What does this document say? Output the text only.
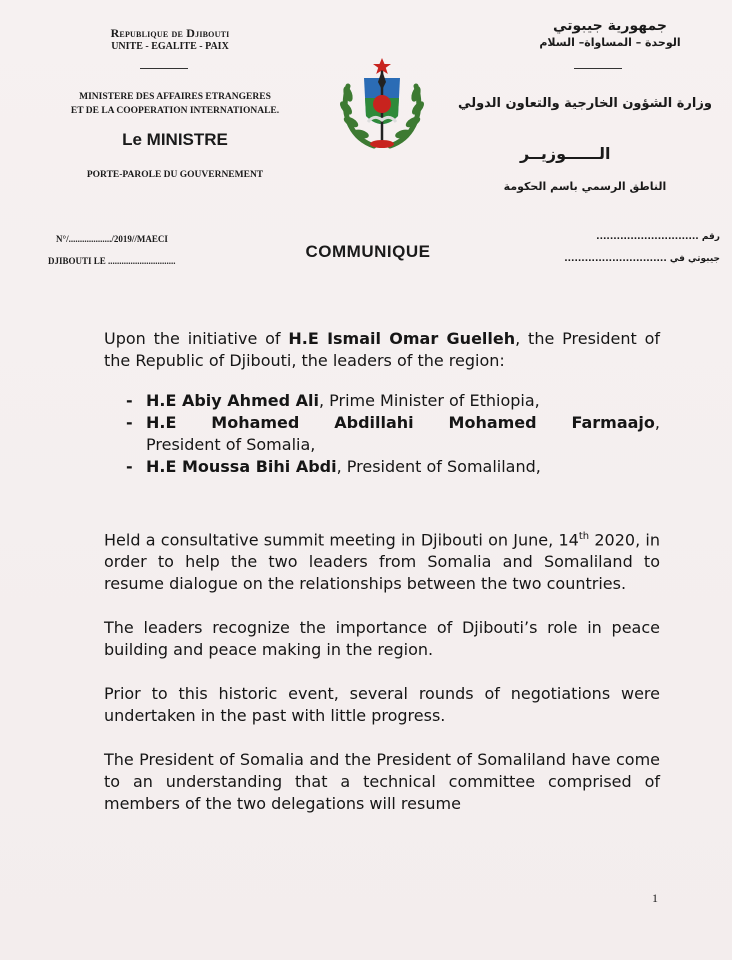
Republique de Djibouti
UNITE - EGALITE - PAIX
MINISTERE DES AFFAIRES ETRANGERES
ET DE LA COOPERATION INTERNATIONALE.
Le MINISTRE
PORTE-PAROLE DU GOUVERNEMENT
جمهورية جيبوتي
الوحدة – المساواة– السلام
وزارة الشؤون الخارجية والتعاون الدولي
الــــــوزيــر
الناطق الرسمي باسم الحكومة
N°/.................../2019//MAECI
DJIBOUTI LE ..............................	COMMUNIQUE
رقم ..............................
جيبوتي في ..............................

Upon the initiative of H.E Ismail Omar Guelleh, the President of the Republic of Djibouti, the leaders of the region:

- H.E Abiy Ahmed Ali, Prime Minister of Ethiopia,
- H.E Mohamed Abdillahi Mohamed Farmaajo, President of Somalia,
- H.E Moussa Bihi Abdi, President of Somaliland,

Held a consultative summit meeting in Djibouti on June, 14th 2020, in order to help the two leaders from Somalia and Somaliland to resume dialogue on the relationships between the two countries.

The leaders recognize the importance of Djibouti’s role in peace building and peace making in the region.

Prior to this historic event, several rounds of negotiations were undertaken in the past with little progress.

The President of Somalia and the President of Somaliland have come to an understanding that a technical committee comprised of members of the two delegations will resume

1
